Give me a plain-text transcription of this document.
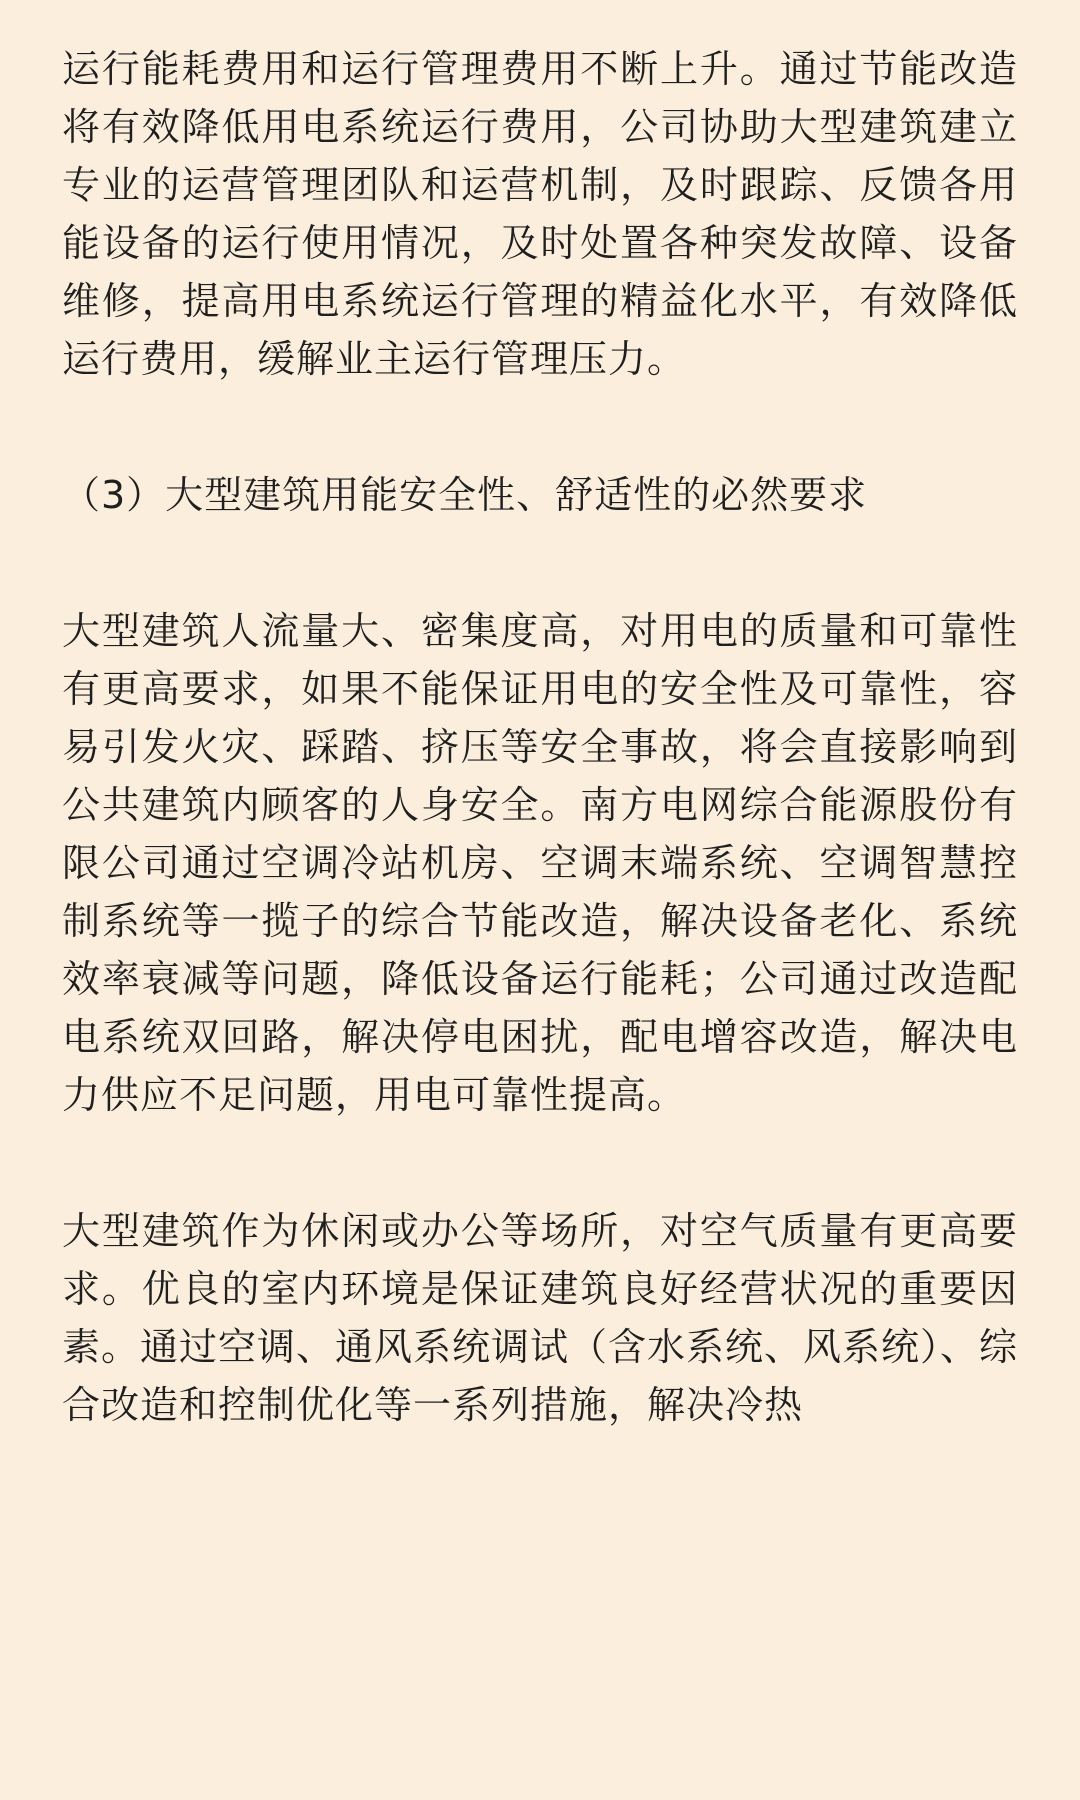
运行能耗费用和运行管理费用不断上升。通过节能改造将有效降低用电系统运行费用，公司协助大型建筑建立专业的运营管理团队和运营机制，及时跟踪、反馈各用能设备的运行使用情况，及时处置各种突发故障、设备维修，提高用电系统运行管理的精益化水平，有效降低运行费用，缓解业主运行管理压力。

（3）大型建筑用能安全性、舒适性的必然要求

大型建筑人流量大、密集度高，对用电的质量和可靠性有更高要求，如果不能保证用电的安全性及可靠性，容易引发火灾、踩踏、挤压等安全事故，将会直接影响到公共建筑内顾客的人身安全。南方电网综合能源股份有限公司通过空调冷站机房、空调末端系统、空调智慧控制系统等一揽子的综合节能改造，解决设备老化、系统效率衰减等问题，降低设备运行能耗；公司通过改造配电系统双回路，解决停电困扰，配电增容改造，解决电力供应不足问题，用电可靠性提高。

大型建筑作为休闲或办公等场所，对空气质量有更高要求。优良的室内环境是保证建筑良好经营状况的重要因素。通过空调、通风系统调试（含水系统、风系统）、综合改造和控制优化等一系列措施，解决冷热
